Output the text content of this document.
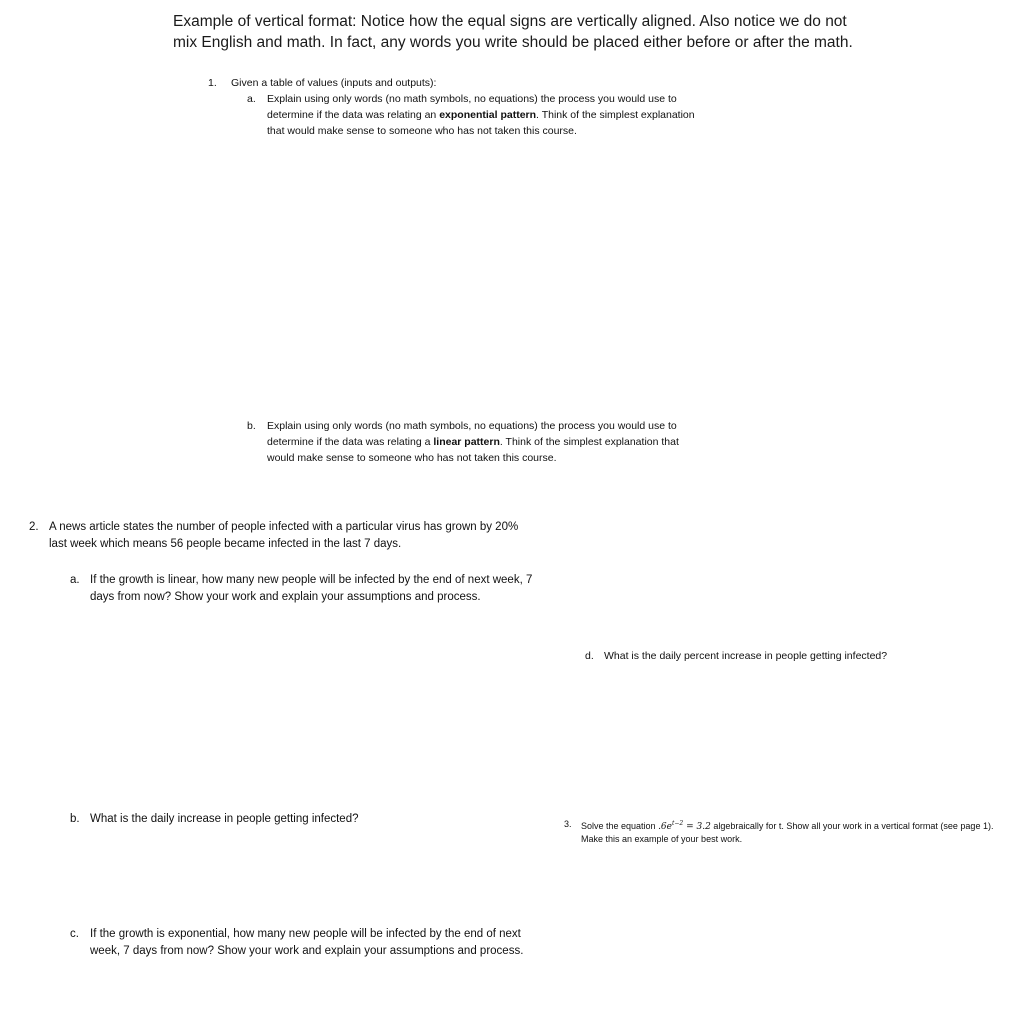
Example of vertical format: Notice how the equal signs are vertically aligned. Also notice we do not mix English and math. In fact, any words you write should be placed either before or after the math.
1. Given a table of values (inputs and outputs):
a. Explain using only words (no math symbols, no equations) the process you would use to determine if the data was relating an exponential pattern. Think of the simplest explanation that would make sense to someone who has not taken this course.
b. Explain using only words (no math symbols, no equations) the process you would use to determine if the data was relating a linear pattern. Think of the simplest explanation that would make sense to someone who has not taken this course.
2. A news article states the number of people infected with a particular virus has grown by 20% last week which means 56 people became infected in the last 7 days.
a. If the growth is linear, how many new people will be infected by the end of next week, 7 days from now? Show your work and explain your assumptions and process.
b. What is the daily increase in people getting infected?
c. If the growth is exponential, how many new people will be infected by the end of next week, 7 days from now? Show your work and explain your assumptions and process.
d. What is the daily percent increase in people getting infected?
3. Solve the equation $.6e^{t-2} = 3.2$ algebraically for t. Show all your work in a vertical format (see page 1). Make this an example of your best work.
